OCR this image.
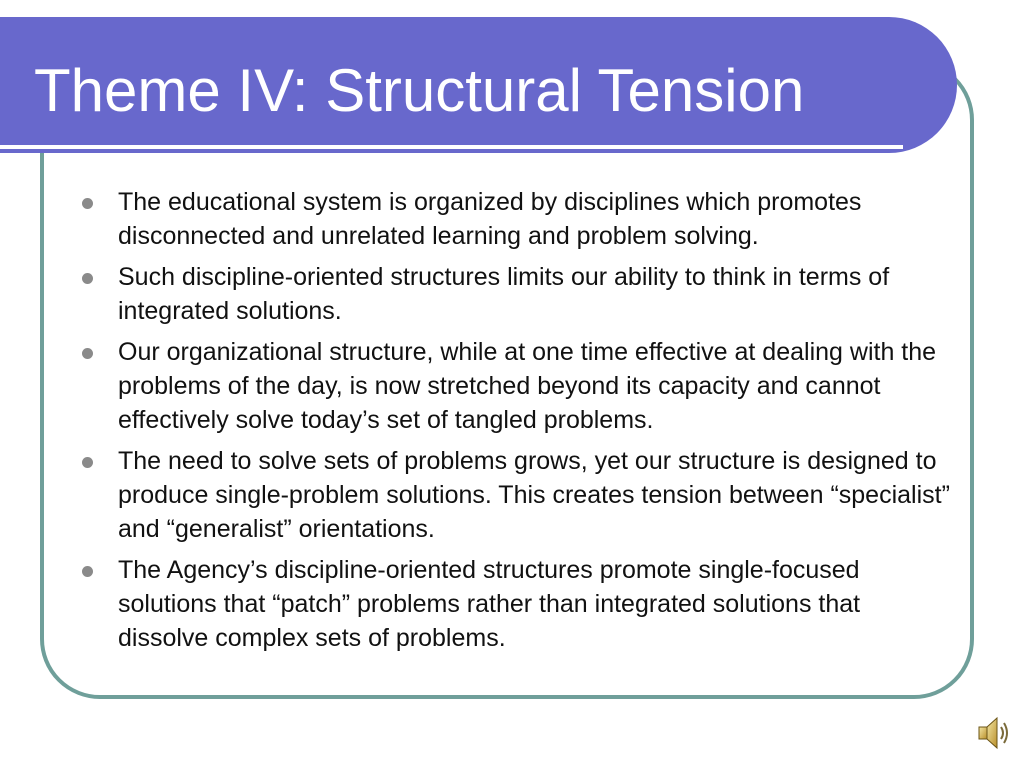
Theme IV: Structural Tension
The educational system is organized by disciplines which promotes disconnected and unrelated learning and problem solving.
Such discipline-oriented structures limits our ability to think in terms of integrated solutions.
Our organizational structure, while at one time effective at dealing with the problems of the day, is now stretched beyond its capacity and cannot effectively solve today’s set of tangled problems.
The need to solve sets of problems grows, yet our structure is designed to produce single-problem solutions. This creates tension between “specialist” and “generalist” orientations.
The Agency’s discipline-oriented structures promote single-focused solutions that “patch” problems rather than integrated solutions that dissolve complex sets of problems.
